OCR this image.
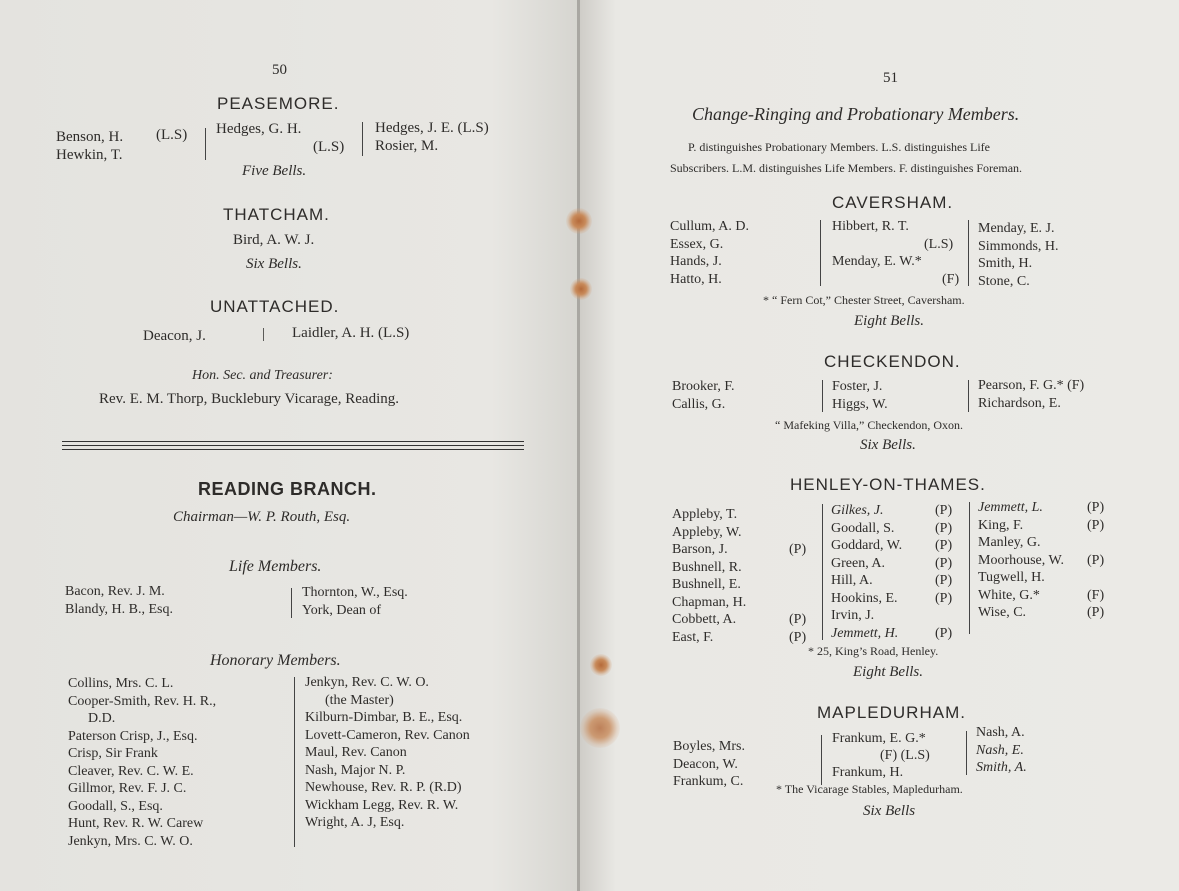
50
PEASEMORE.
Benson, H. (L.S)
Hewkin, T.
Hedges, G. H.
(L.S)
Hedges, J. E. (L.S)
Rosier, M.
Five Bells.
THATCHAM.
Bird, A. W. J.
Six Bells.
UNATTACHED.
Deacon, J.	| Laidler, A. H. (L.S)
Hon. Sec. and Treasurer:
Rev. E. M. Thorp, Bucklebury Vicarage, Reading.
READING BRANCH.
Chairman—W. P. Routh, Esq.
Life Members.
Bacon, Rev. J. M.
Blandy, H. B., Esq.
Thornton, W., Esq.
York, Dean of
Honorary Members.
Collins, Mrs. C. L.
Cooper-Smith, Rev. H. R.,
D.D.
Paterson Crisp, J., Esq.
Crisp, Sir Frank
Cleaver, Rev. C. W. E.
Gillmor, Rev. F. J. C.
Goodall, S., Esq.
Hunt, Rev. R. W. Carew
Jenkyn, Mrs. C. W. O.
Jenkyn, Rev. C. W. O.
(the Master)
Kilburn-Dimbar, B. E., Esq.
Lovett-Cameron, Rev. Canon
Maul, Rev. Canon
Nash, Major N. P.
Newhouse, Rev. R. P. (R.D)
Wickham Legg, Rev. R. W.
Wright, A. J, Esq.
51
Change-Ringing and Probationary Members.
P. distinguishes Probationary Members. L.S. distinguishes Life
Subscribers. L.M. distinguishes Life Members. F. distinguishes Foreman.
CAVERSHAM.
Cullum, A. D.
Essex, G.
Hands, J.
Hatto, H.
Hibbert, R. T.
(L.S)
Menday, E. W.*
(F)
Menday, E. J.
Simmonds, H.
Smith, H.
Stone, C.
* “ Fern Cot,” Chester Street, Caversham.
Eight Bells.
CHECKENDON.
Brooker, F.
Callis, G.
Foster, J.
Higgs, W.
Pearson, F. G.* (F)
Richardson, E.
“ Mafeking Villa,” Checkendon, Oxon.
Six Bells.
HENLEY-ON-THAMES.
Appleby, T.
Appleby, W.
Barson, J.
Bushnell, R.
Bushnell, E.
Chapman, H.
Cobbett, A.
East, F.

(P)

(P)
(P)
Gilkes, J.
Goodall, S.
Goddard, W.
Green, A.
Hill, A.
Hookins, E.
Irvin, J.
Jemmett, H.
(P)
(P)
(P)
(P)
(P)
(P)

(P)
Jemmett, L.
King, F.
Manley, G.
Moorhouse, W.
Tugwell, H.
White, G.*
Wise, C.
(P)
(P)

(P)

(F)
(P)
* 25, King’s Road, Henley.
Eight Bells.
MAPLEDURHAM.
Boyles, Mrs.
Deacon, W.
Frankum, C.
Frankum, E. G.*
(F) (L.S)
Frankum, H.
Nash, A.
Nash, E.
Smith, A.
* The Vicarage Stables, Mapledurham.
Six Bells
